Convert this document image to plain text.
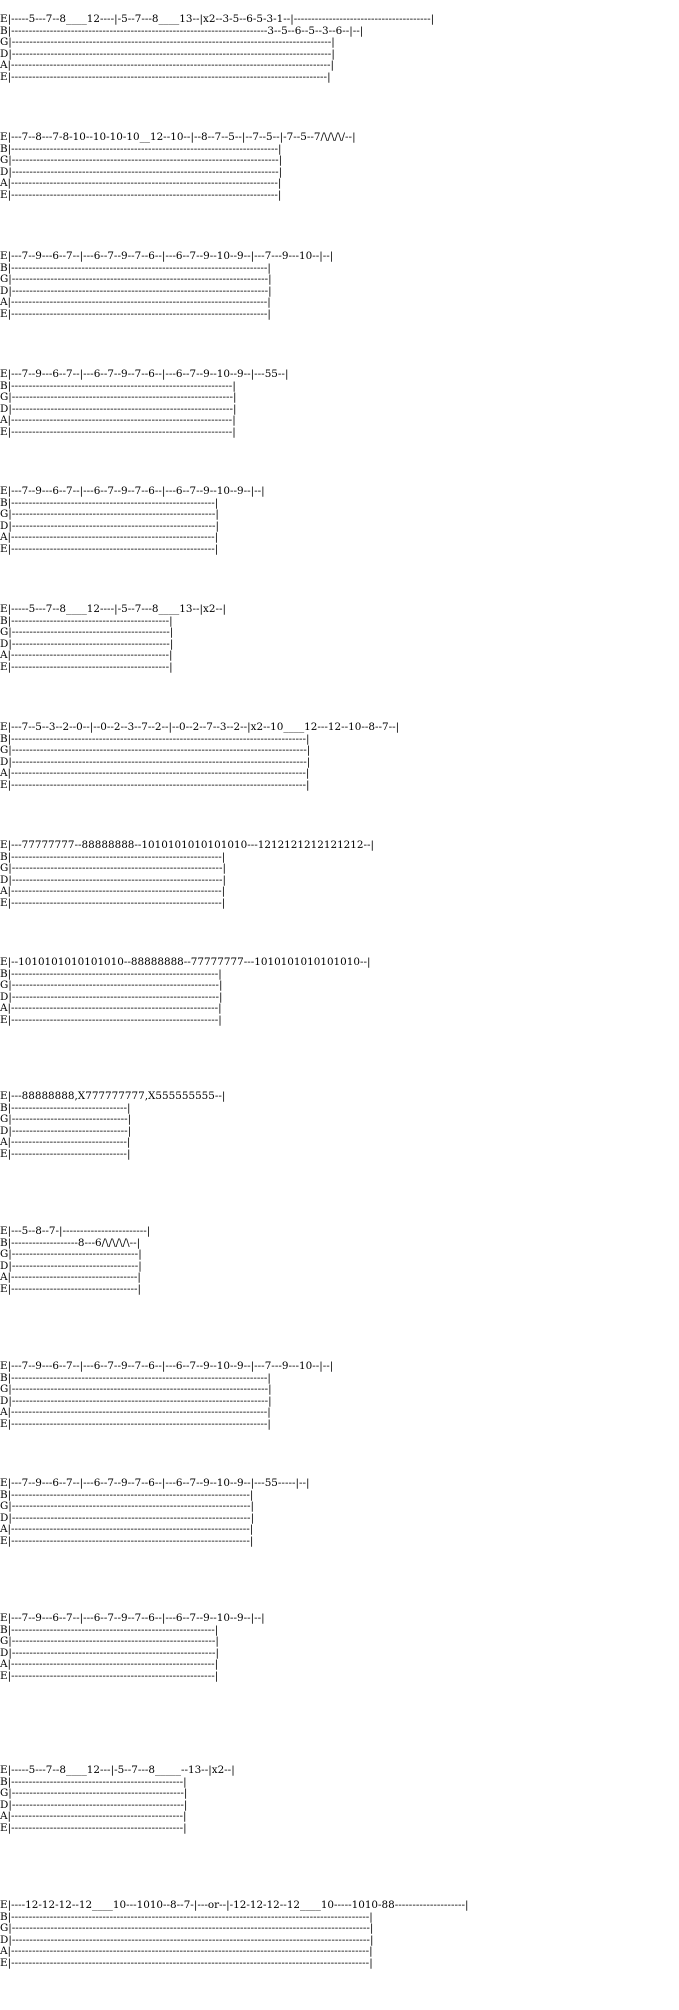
E|-----5---7--8____12----|-5--7---8____13--|x2--3-5--6-5-3-1--|---------------------------------------|
B|-------------------------------------------------------------------------3--5--6--5--3--6--|--|
G|-------------------------------------------------------------------------------------------|
D|-------------------------------------------------------------------------------------------|
A|-------------------------------------------------------------------------------------------|
E|------------------------------------------------------------------------------------------|
E|---7--8---7-8-10--10-10-10__12--10--|--8--7--5--|--7--5--|-7--5--7/\/\/\/--|
B|----------------------------------------------------------------------------|
G|----------------------------------------------------------------------------|
D|----------------------------------------------------------------------------|
A|----------------------------------------------------------------------------|
E|----------------------------------------------------------------------------|
E|---7--9---6--7--|---6--7--9--7--6--|---6--7--9--10--9--|---7---9---10--|--|
B|-------------------------------------------------------------------------|
G|-------------------------------------------------------------------------|
D|-------------------------------------------------------------------------|
A|-------------------------------------------------------------------------|
E|-------------------------------------------------------------------------|
E|---7--9---6--7--|---6--7--9--7--6--|---6--7--9--10--9--|---55--|
B|---------------------------------------------------------------|
G|---------------------------------------------------------------|
D|---------------------------------------------------------------|
A|---------------------------------------------------------------|
E|---------------------------------------------------------------|
E|---7--9---6--7--|---6--7--9--7--6--|---6--7--9--10--9--|--|
B|----------------------------------------------------------|
G|----------------------------------------------------------|
D|----------------------------------------------------------|
A|----------------------------------------------------------|
E|----------------------------------------------------------|
E|-----5---7--8____12----|-5--7---8____13--|x2--|
B|---------------------------------------------|
G|---------------------------------------------|
D|---------------------------------------------|
A|---------------------------------------------|
E|---------------------------------------------|
E|---7--5--3--2--0--|--0--2--3--7--2--|--0--2--7--3--2--|x2--10____12---12--10--8--7--|
B|------------------------------------------------------------------------------------|
G|------------------------------------------------------------------------------------|
D|------------------------------------------------------------------------------------|
A|------------------------------------------------------------------------------------|
E|------------------------------------------------------------------------------------|
E|---77777777--88888888--1010101010101010---1212121212121212--|
B|------------------------------------------------------------|
G|------------------------------------------------------------|
D|------------------------------------------------------------|
A|------------------------------------------------------------|
E|------------------------------------------------------------|
E|--1010101010101010--88888888--77777777---1010101010101010--|
B|-----------------------------------------------------------|
G|-----------------------------------------------------------|
D|-----------------------------------------------------------|
A|-----------------------------------------------------------|
E|-----------------------------------------------------------|
E|---88888888,X777777777,X555555555--|
B|---------------------------------|
G|---------------------------------|
D|---------------------------------|
A|---------------------------------|
E|---------------------------------|
E|---5--8--7-|------------------------|
B|-------------------8---6/\/\/\/\--|
G|------------------------------------|
D|------------------------------------|
A|------------------------------------|
E|------------------------------------|
E|---7--9---6--7--|---6--7--9--7--6--|---6--7--9--10--9--|---7---9---10--|--|
B|-------------------------------------------------------------------------|
G|-------------------------------------------------------------------------|
D|-------------------------------------------------------------------------|
A|-------------------------------------------------------------------------|
E|-------------------------------------------------------------------------|
E|---7--9---6--7--|---6--7--9--7--6--|---6--7--9--10--9--|---55-----|--|
B|--------------------------------------------------------------------|
G|--------------------------------------------------------------------|
D|--------------------------------------------------------------------|
A|--------------------------------------------------------------------|
E|--------------------------------------------------------------------|
E|---7--9---6--7--|---6--7--9--7--6--|---6--7--9--10--9--|--|
B|----------------------------------------------------------|
G|----------------------------------------------------------|
D|----------------------------------------------------------|
A|----------------------------------------------------------|
E|----------------------------------------------------------|
E|-----5---7--8____12---|-5--7---8_____--13--|x2--|
B|-------------------------------------------------|
G|-------------------------------------------------|
D|-------------------------------------------------|
A|-------------------------------------------------|
E|-------------------------------------------------|
E|----12-12-12--12____10---1010--8--7-|---or--|-12-12-12--12____10-----1010-88--------------------|
B|------------------------------------------------------------------------------------------------------|
G|------------------------------------------------------------------------------------------------------|
D|------------------------------------------------------------------------------------------------------|
A|------------------------------------------------------------------------------------------------------|
E|------------------------------------------------------------------------------------------------------|
